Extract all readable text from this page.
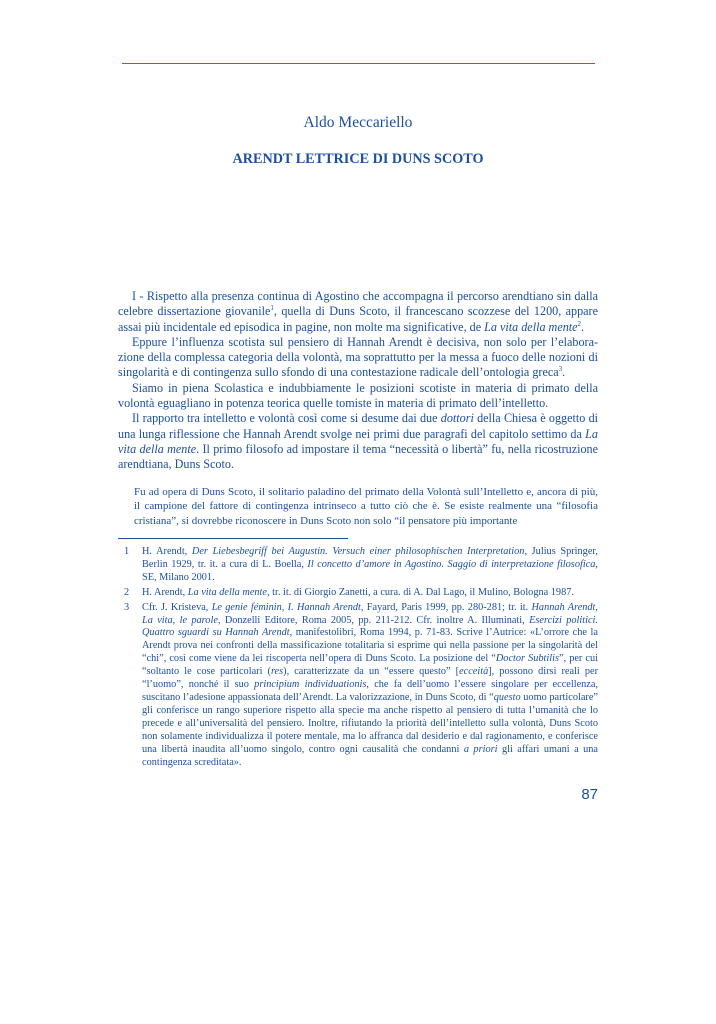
Aldo Meccariello
ARENDT LETTRICE DI DUNS SCOTO

I - Rispetto alla presenza continua di Agostino che accompagna il percorso arendtiano sin dalla celebre dissertazione giovanile$^1$, quella di Duns Scoto, il francescano scozzese del 1200, appare assai più incidentale ed episodica in pagine, non molte ma significative, de La vita della mente$^2$.

Eppure l’influenza scotista sul pensiero di Hannah Arendt è decisiva, non solo per l’elabora-zione della complessa categoria della volontà, ma soprattutto per la messa a fuoco delle nozioni di singolarità e di contingenza sullo sfondo di una contestazione radicale dell’ontologia greca$^3$.

Siamo in piena Scolastica e indubbiamente le posizioni scotiste in materia di primato della volontà eguagliano in potenza teorica quelle tomiste in materia di primato dell’intelletto.

Il rapporto tra intelletto e volontà così come si desume dai due dottori della Chiesa è oggetto di una lunga riflessione che Hannah Arendt svolge nei primi due paragrafi del capitolo settimo da La vita della mente. Il primo filosofo ad impostare il tema “necessità o libertà” fu, nella ricostruzione arendtiana, Duns Scoto.

Fu ad opera di Duns Scoto, il solitario paladino del primato della Volontà sull’Intelletto e, ancora di più, il campione del fattore di contingenza intrinseco a tutto ciò che è. Se esiste realmente una “filosofia cristiana”, si dovrebbe riconoscere in Duns Scoto non solo “il pensatore più importante
1	H. Arendt, Der Liebesbegriff bei Augustin. Versuch einer philosophischen Interpretation, Julius Springer, Berlin 1929, tr. it. a cura di L. Boella, Il concetto d’amore in Agostino. Saggio di interpretazione filosofica, SE, Milano 2001.
2	H. Arendt, La vita della mente, tr. it. di Giorgio Zanetti, a cura. di A. Dal Lago, il Mulino, Bologna 1987.
3	Cfr. J. Kristeva, Le genie féminin, I. Hannah Arendt, Fayard, Paris 1999, pp. 280-281; tr. it. Hannah Arendt, La vita, le parole, Donzelli Editore, Roma 2005, pp. 211-212. Cfr. inoltre A. Illuminati, Esercizi politici. Quattro sguardi su Hannah Arendt, manifestolibri, Roma 1994, p. 71-83. Scrive l’Autrice: «L’orrore che la Arendt prova nei confronti della massificazione totalitaria si esprime qui nella passione per la singolarità del “chi”, così come viene da lei riscoperta nell’opera di Duns Scoto. La posizione del “Doctor Subtilis”, per cui “soltanto le cose particolari (res), caratterizzate da un “essere questo” [ecceità], possono dirsi reali per “l’uomo”, nonché il suo principium individuationis, che fa dell’uomo l’essere singolare per eccellenza, suscitano l’adesione appassionata dell’Arendt. La valorizzazione, in Duns Scoto, di “questo uomo particolare” gli conferisce un rango superiore rispetto alla specie ma anche rispetto al pensiero di tutta l’umanità che lo precede e all’universalità del pensiero. Inoltre, rifiutando la priorità dell’intelletto sulla volontà, Duns Scoto non solamente individualizza il potere mentale, ma lo affranca dal desiderio e dal ragionamento, e conferisce una libertà inaudita all’uomo singolo, contro ogni causalità che condanni a priori gli affari umani a una contingenza screditata».
87
